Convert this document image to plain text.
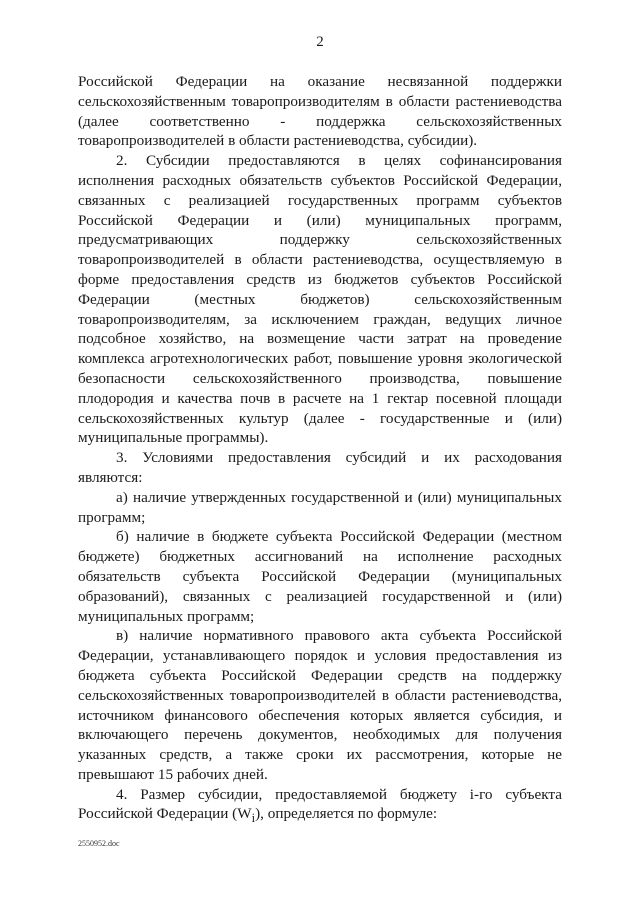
2

Российской Федерации на оказание несвязанной поддержки сельскохозяйственным товаропроизводителям в области растениеводства (далее соответственно - поддержка сельскохозяйственных товаропроизводителей в области растениеводства, субсидии).

2. Субсидии предоставляются в целях софинансирования исполнения расходных обязательств субъектов Российской Федерации, связанных с реализацией государственных программ субъектов Российской Федерации и (или) муниципальных программ, предусматривающих поддержку сельскохозяйственных товаропроизводителей в области растениеводства, осуществляемую в форме предоставления средств из бюджетов субъектов Российской Федерации (местных бюджетов) сельскохозяйственным товаропроизводителям, за исключением граждан, ведущих личное подсобное хозяйство, на возмещение части затрат на проведение комплекса агротехнологических работ, повышение уровня экологической безопасности сельскохозяйственного производства, повышение плодородия и качества почв в расчете на 1 гектар посевной площади сельскохозяйственных культур (далее - государственные и (или) муниципальные программы).

3. Условиями предоставления субсидий и их расходования являются:

а) наличие утвержденных государственной и (или) муниципальных программ;

б) наличие в бюджете субъекта Российской Федерации (местном бюджете) бюджетных ассигнований на исполнение расходных обязательств субъекта Российской Федерации (муниципальных образований), связанных с реализацией государственной и (или) муниципальных программ;

в) наличие нормативного правового акта субъекта Российской Федерации, устанавливающего порядок и условия предоставления из бюджета субъекта Российской Федерации средств на поддержку сельскохозяйственных товаропроизводителей в области растениеводства, источником финансового обеспечения которых является субсидия, и включающего перечень документов, необходимых для получения указанных средств, а также сроки их рассмотрения, которые не превышают 15 рабочих дней.

4. Размер субсидии, предоставляемой бюджету i-го субъекта Российской Федерации $(W_i)$, определяется по формуле:

2550952.doc
